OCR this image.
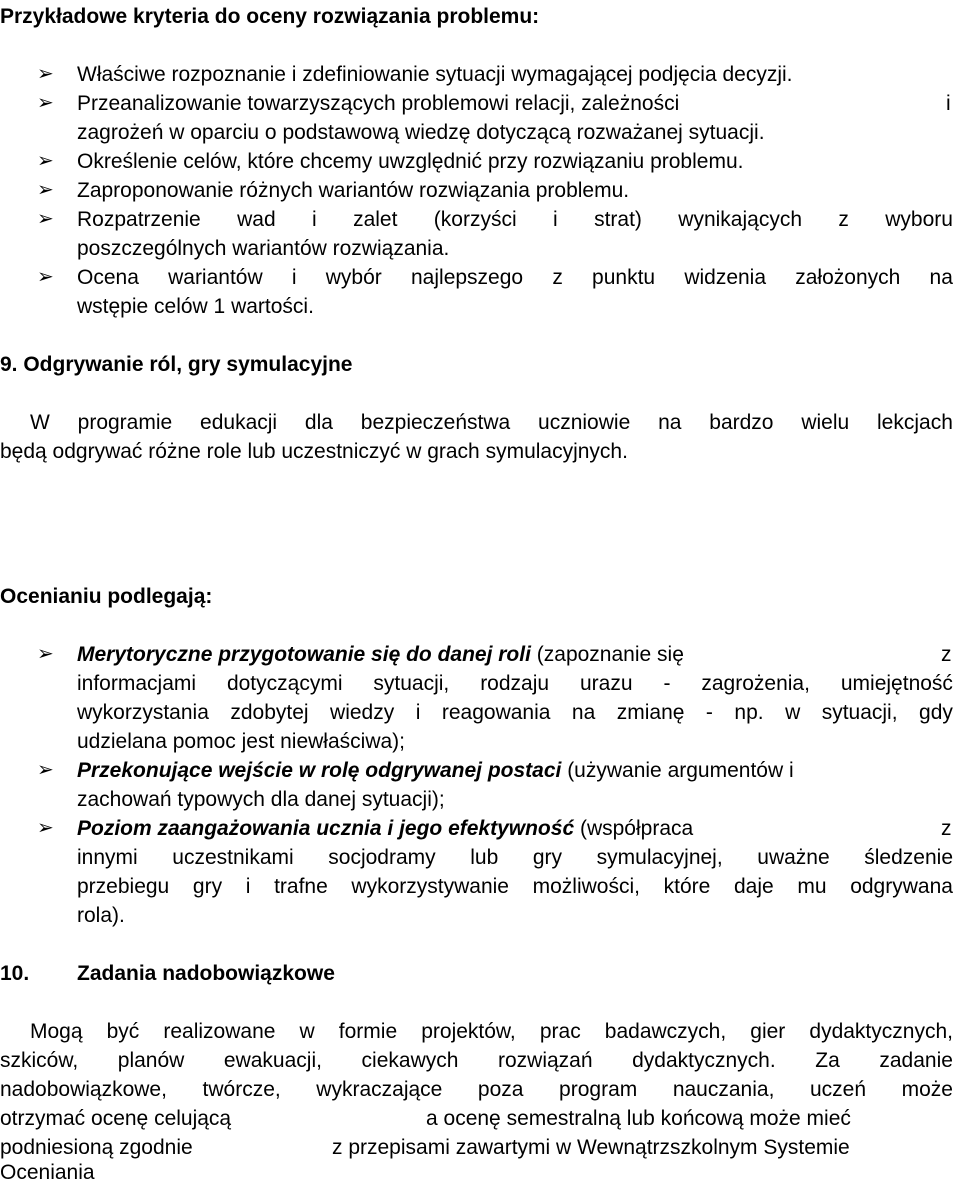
Przykładowe kryteria do oceny rozwiązania problemu:
➢ Właściwe rozpoznanie i zdefiniowanie sytuacji wymagającej podjęcia decyzji.
➢ Przeanalizowanie towarzyszących problemowi relacji, zależności	i
zagrożeń w oparciu o podstawową wiedzę dotyczącą rozważanej sytuacji.
➢ Określenie celów, które chcemy uwzględnić przy rozwiązaniu problemu.
➢ Zaproponowanie różnych wariantów rozwiązania problemu.
➢ Rozpatrzenie wad i zalet (korzyści i strat) wynikających z wyboru
poszczególnych wariantów rozwiązania.
➢ Ocena wariantów i wybór najlepszego z punktu widzenia założonych na
wstępie celów 1 wartości.
9. Odgrywanie ról, gry symulacyjne
W programie edukacji dla bezpieczeństwa uczniowie na bardzo wielu lekcjach
będą odgrywać różne role lub uczestniczyć w grach symulacyjnych.
Ocenianiu podlegają:
➢ Merytoryczne przygotowanie się do danej roli (zapoznanie się	z
informacjami dotyczącymi sytuacji, rodzaju urazu - zagrożenia, umiejętność
wykorzystania zdobytej wiedzy i reagowania na zmianę - np. w sytuacji, gdy
udzielana pomoc jest niewłaściwa);
➢ Przekonujące wejście w rolę odgrywanej postaci (używanie argumentów i
zachowań typowych dla danej sytuacji);
➢ Poziom zaangażowania ucznia i jego efektywność (współpraca	z
innymi uczestnikami socjodramy lub gry symulacyjnej, uważne śledzenie
przebiegu gry i trafne wykorzystywanie możliwości, które daje mu odgrywana
rola).
10. Zadania nadobowiązkowe
Mogą być realizowane w formie projektów, prac badawczych, gier dydaktycznych,
szkiców, planów ewakuacji, ciekawych rozwiązań dydaktycznych. Za zadanie
nadobowiązkowe, twórcze, wykraczające poza program nauczania, uczeń może
otrzymać ocenę celującą	a ocenę semestralną lub końcową może mieć
podniesioną zgodnie	z przepisami zawartymi w Wewnątrzszkolnym Systemie
Oceniania
